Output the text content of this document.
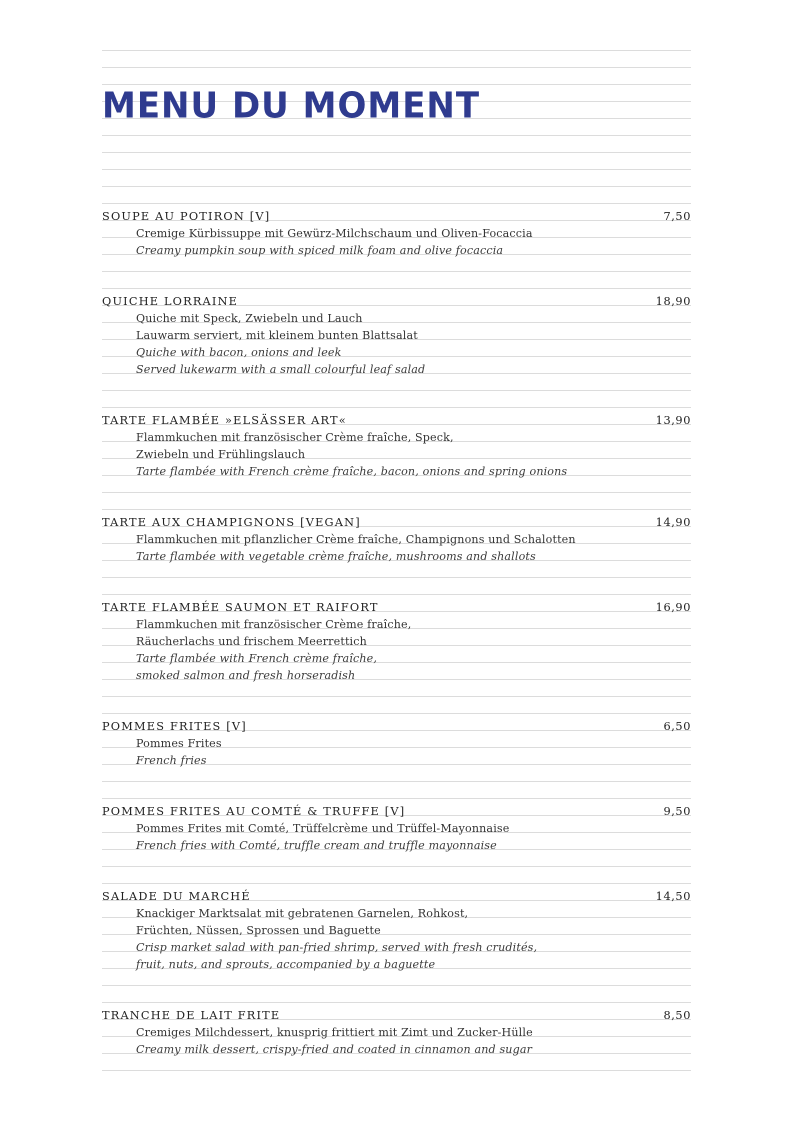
MENU DU MOMENT
SOUPE AU POTIRON [V]	7,50
Cremige Kürbissuppe mit Gewürz-Milchschaum und Oliven-Focaccia
Creamy pumpkin soup with spiced milk foam and olive focaccia
QUICHE LORRAINE	18,90
Quiche mit Speck, Zwiebeln und Lauch
Lauwarm serviert, mit kleinem bunten Blattsalat
Quiche with bacon, onions and leek
Served lukewarm with a small colourful leaf salad
TARTE FLAMBÉE »ELSÄSSER ART«	13,90
Flammkuchen mit französischer Crème fraîche, Speck,
Zwiebeln und Frühlingslauch
Tarte flambée with French crème fraîche, bacon, onions and spring onions
TARTE AUX CHAMPIGNONS [VEGAN]	14,90
Flammkuchen mit pflanzlicher Crème fraîche, Champignons und Schalotten
Tarte flambée with vegetable crème fraîche, mushrooms and shallots
TARTE FLAMBÉE SAUMON ET RAIFORT	16,90
Flammkuchen mit französischer Crème fraîche,
Räucherlachs und frischem Meerrettich
Tarte flambée with French crème fraîche,
smoked salmon and fresh horseradish
POMMES FRITES [V]	6,50
Pommes Frites
French fries
POMMES FRITES AU COMTÉ & TRUFFE [V]	9,50
Pommes Frites mit Comté, Trüffelcrème und Trüffel-Mayonnaise
French fries with Comté, truffle cream and truffle mayonnaise
SALADE DU MARCHÉ	14,50
Knackiger Marktsalat mit gebratenen Garnelen, Rohkost,
Früchten, Nüssen, Sprossen und Baguette
Crisp market salad with pan-fried shrimp, served with fresh crudités,
fruit, nuts, and sprouts, accompanied by a baguette
TRANCHE DE LAIT FRITE	8,50
Cremiges Milchdessert, knusprig frittiert mit Zimt und Zucker-Hülle
Creamy milk dessert, crispy-fried and coated in cinnamon and sugar
